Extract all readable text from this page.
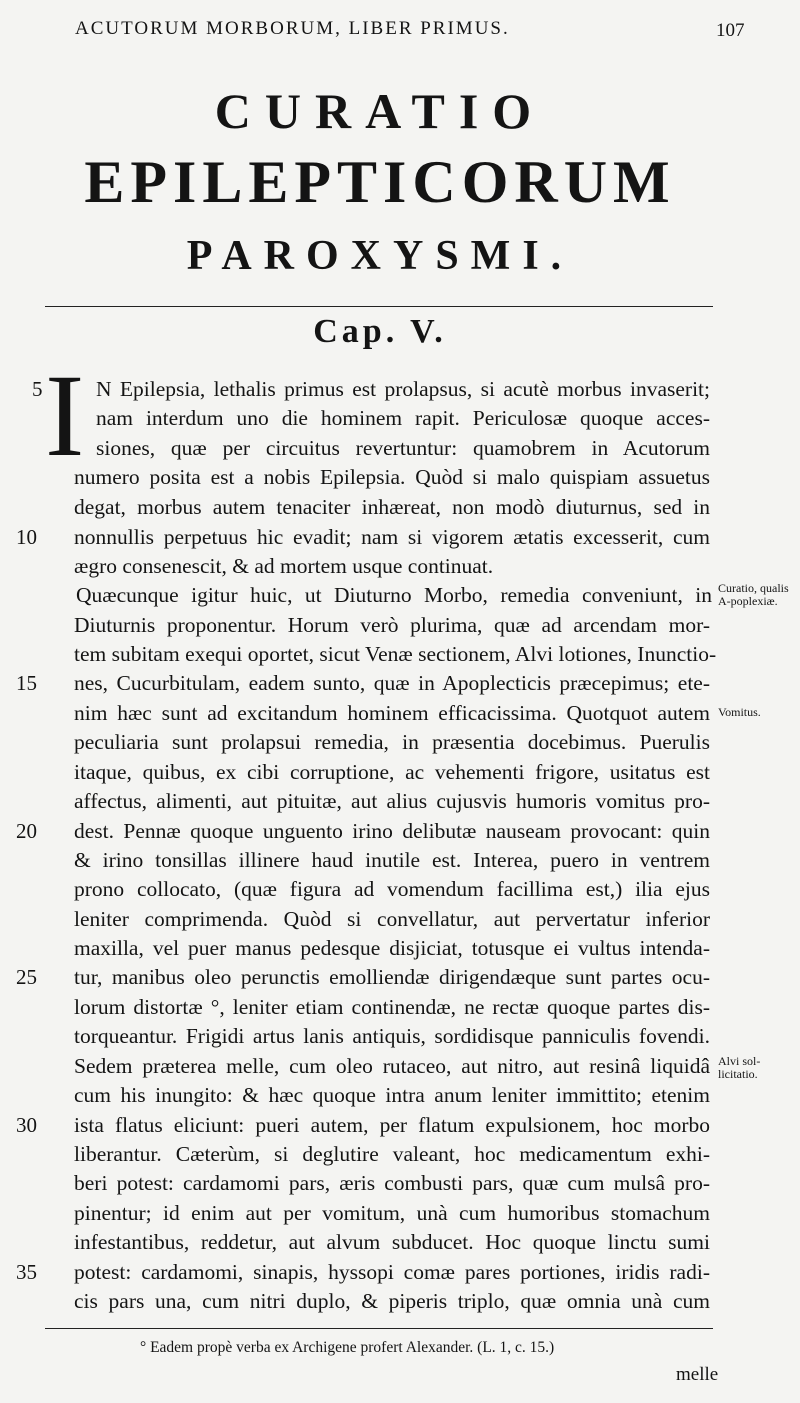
ACUTORUM MORBORUM, LIBER PRIMUS.	107
CURATIO
EPILEPTICORUM
PAROXYSMI.
Cap. V.
I
5
10
15
20
25
30
35
N Epilepsia, lethalis primus est prolapsus, si acutè morbus invaserit;
nam interdum uno die hominem rapit. Periculosæ quoque acces-
siones, quæ per circuitus revertuntur: quamobrem in Acutorum
numero posita est a nobis Epilepsia. Quòd si malo quispiam assuetus
degat, morbus autem tenaciter inhæreat, non modò diuturnus, sed in
nonnullis perpetuus hic evadit; nam si vigorem ætatis excesserit, cum
ægro consenescit, & ad mortem usque continuat.
Quæcunque igitur huic, ut Diuturno Morbo, remedia conveniunt, in
Diuturnis proponentur. Horum verò plurima, quæ ad arcendam mor-
tem subitam exequi oportet, sicut Venæ sectionem, Alvi lotiones, Inunctio-
nes, Cucurbitulam, eadem sunto, quæ in Apoplecticis præcepimus; ete-
nim hæc sunt ad excitandum hominem efficacissima. Quotquot autem
peculiaria sunt prolapsui remedia, in præsentia docebimus. Puerulis
itaque, quibus, ex cibi corruptione, ac vehementi frigore, usitatus est
affectus, alimenti, aut pituitæ, aut alius cujusvis humoris vomitus pro-
dest. Pennæ quoque unguento irino delibutæ nauseam provocant: quin
& irino tonsillas illinere haud inutile est. Interea, puero in ventrem
prono collocato, (quæ figura ad vomendum facillima est,) ilia ejus
leniter comprimenda. Quòd si convellatur, aut pervertatur inferior
maxilla, vel puer manus pedesque disjiciat, totusque ei vultus intenda-
tur, manibus oleo perunctis emolliendæ dirigendæque sunt partes ocu-
lorum distortæ °, leniter etiam continendæ, ne rectæ quoque partes dis-
torqueantur. Frigidi artus lanis antiquis, sordidisque panniculis fovendi.
Sedem præterea melle, cum oleo rutaceo, aut nitro, aut resinâ liquidâ
cum his inungito: & hæc quoque intra anum leniter immittito; etenim
ista flatus eliciunt: pueri autem, per flatum expulsionem, hoc morbo
liberantur. Cæterùm, si deglutire valeant, hoc medicamentum exhi-
beri potest: cardamomi pars, æris combusti pars, quæ cum mulsâ pro-
pinentur; id enim aut per vomitum, unà cum humoribus stomachum
infestantibus, reddetur, aut alvum subducet. Hoc quoque linctu sumi
potest: cardamomi, sinapis, hyssopi comæ pares portiones, iridis radi-
cis pars una, cum nitri duplo, & piperis triplo, quæ omnia unà cum
Curatio, qualis A-poplexiæ.
Vomitus.
Alvi sol-licitatio.
° Eadem propè verba ex Archigene profert Alexander. (L. 1, c. 15.)
melle
